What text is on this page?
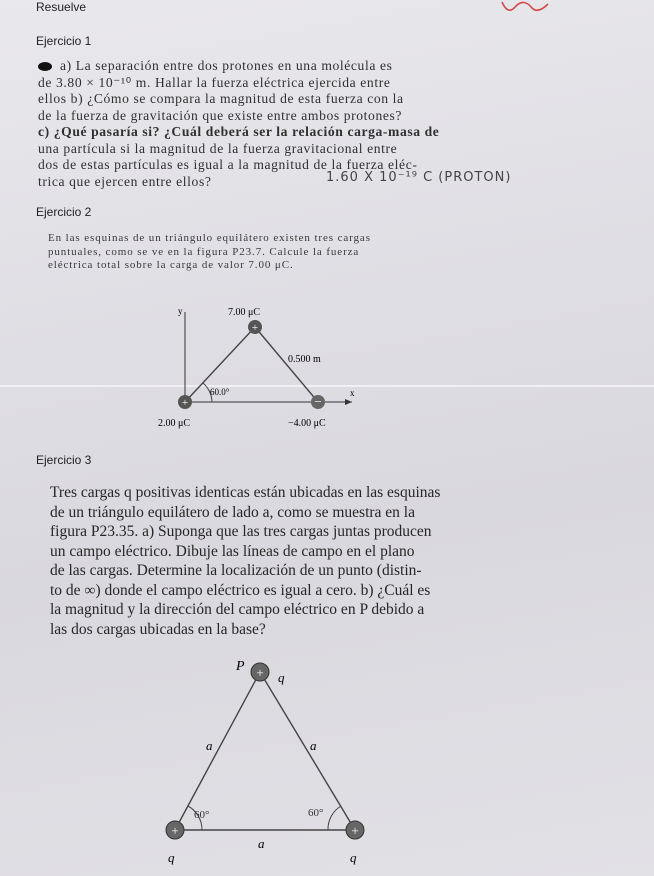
Resuelve
Ejercicio 1
a) La separación entre dos protones en una molécula es
de 3.80 × 10⁻¹⁰ m. Hallar la fuerza eléctrica ejercida entre
ellos b) ¿Cómo se compara la magnitud de esta fuerza con la
de la fuerza de gravitación que existe entre ambos protones?
c) ¿Qué pasaría si? ¿Cuál deberá ser la relación carga-masa de
una partícula si la magnitud de la fuerza gravitacional entre
dos de estas partículas es igual a la magnitud de la fuerza eléc-
trica que ejercen entre ellos?	1.60 X 10⁻¹⁹ C (PROTON)
Ejercicio 2
En las esquinas de un triángulo equilátero existen tres cargas
puntuales, como se ve en la figura P23.7. Calcule la fuerza
eléctrica total sobre la carga de valor 7.00 μC.
+
+	−
y
x
7.00 μC
0.500 m
60.0°
2.00 μC	−4.00 μC
Ejercicio 3
Tres cargas q positivas identicas están ubicadas en las esquinas
de un triángulo equilátero de lado a, como se muestra en la
figura P23.35. a) Suponga que las tres cargas juntas producen
un campo eléctrico. Dibuje las líneas de campo en el plano
de las cargas. Determine la localización de un punto (distin-
to de ∞) donde el campo eléctrico es igual a cero. b) ¿Cuál es
la magnitud y la dirección del campo eléctrico en P debido a
las dos cargas ubicadas en la base?
+
+	+
P
q
a	a
a
60°	60°
q	q
